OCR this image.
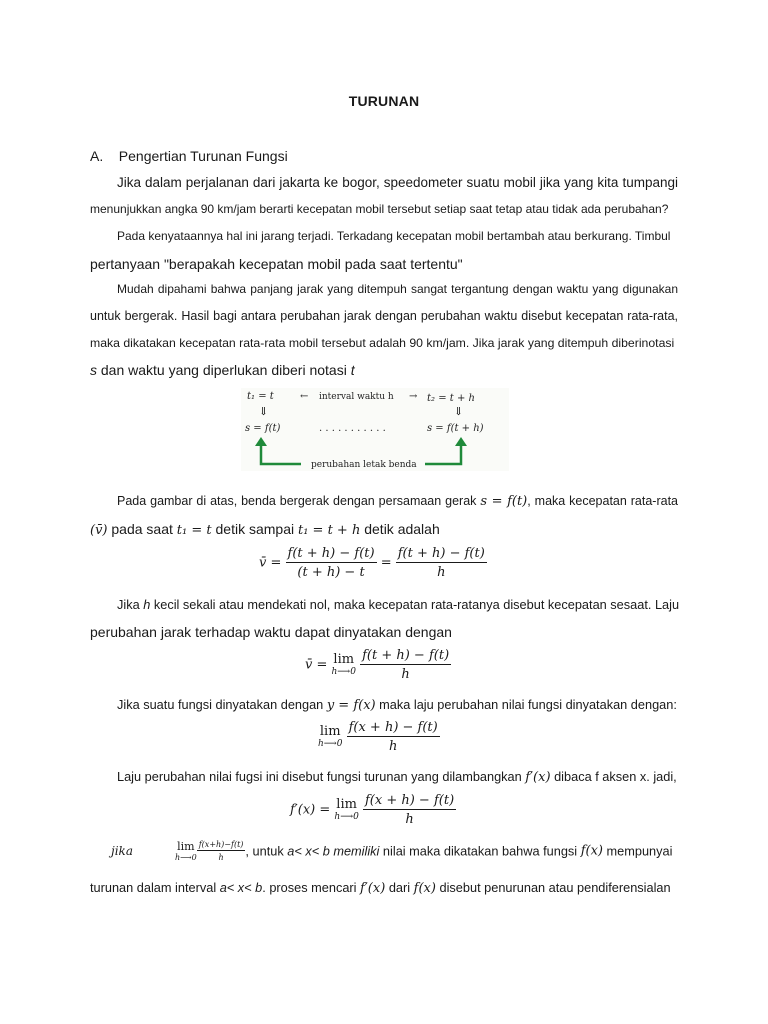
TURUNAN
A. Pengertian Turunan Fungsi
Jika dalam perjalanan dari jakarta ke bogor, speedometer suatu mobil jika yang kita tumpangi
menunjukkan angka 90 km/jam berarti kecepatan mobil tersebut setiap saat tetap atau tidak ada perubahan?
Pada kenyataannya hal ini jarang terjadi. Terkadang kecepatan mobil bertambah atau berkurang. Timbul
pertanyaan "berapakah kecepatan mobil pada saat tertentu"
Mudah dipahami bahwa panjang jarak yang ditempuh sangat tergantung dengan waktu yang digunakan
untuk bergerak. Hasil bagi antara perubahan jarak dengan perubahan waktu disebut kecepatan rata-rata,
maka dikatakan kecepatan rata-rata mobil tersebut adalah 90 km/jam. Jika jarak yang ditempuh diberinotasi
s dan waktu yang diperlukan diberi notasi t
t₁ = t	← interval waktu h → t₂ = t + h
⇓	⇓
s = f(t)	. . . . . . . . . . .	s = f(t + h)
perubahan letak benda
Pada gambar di atas, benda bergerak dengan persamaan gerak s = f(t), maka kecepatan rata-rata
(v̄) pada saat t₁ = t detik sampai t₁ = t + h detik adalah
v̄ = $\frac{f(t + h) - f(t)}{(t + h) - t} = \frac{f(t + h) - f(t)}{h}$
Jika h kecil sekali atau mendekati nol, maka kecepatan rata-ratanya disebut kecepatan sesaat. Laju
perubahan jarak terhadap waktu dapat dinyatakan dengan
v̄ = lim
h⟶0
$\frac{f(t + h) - f(t)}{h}$
Jika suatu fungsi dinyatakan dengan y = f(x) maka laju perubahan nilai fungsi dinyatakan dengan:
lim
h⟶0
$\frac{f(x + h) - f(t)}{h}$
Laju perubahan nilai fugsi ini disebut fungsi turunan yang dilambangkan f′(x) dibaca f aksen x. jadi,
f′(x) = lim
h⟶0
$\frac{f(x + h) - f(t)}{h}$
jika	lim
h⟶0 $\frac{f(x+h)-f(t)}{h}$ , untuk a< x< b memiliki nilai maka dikatakan bahwa fungsi f(x) mempunyai
turunan dalam interval a< x< b. proses mencari f′(x) dari f(x) disebut penurunan atau pendiferensialan
